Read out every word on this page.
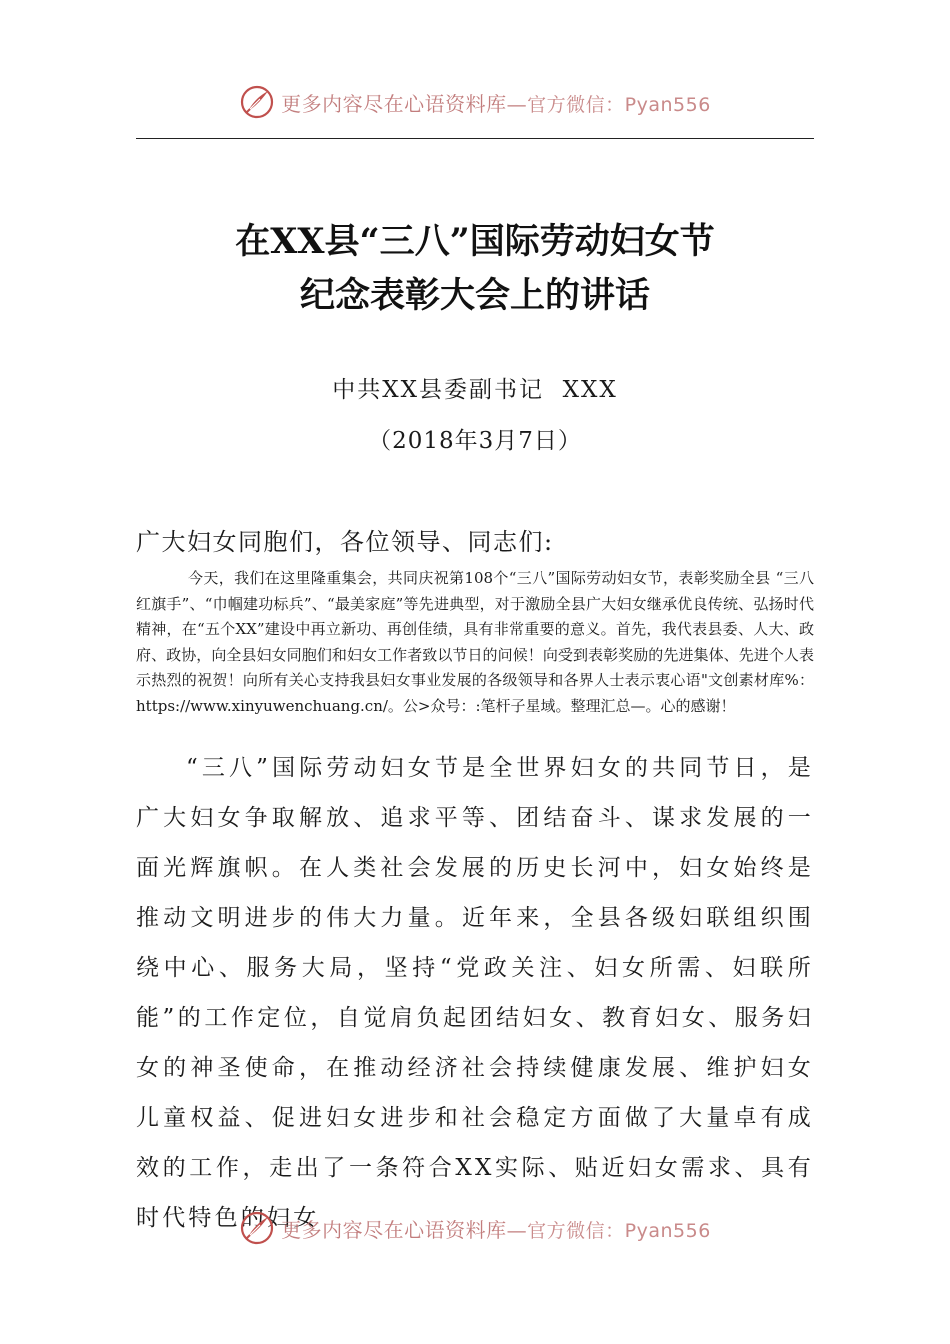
更多内容尽在心语资料库—官方微信：Pyan556
在XX县“三八”国际劳动妇女节
纪念表彰大会上的讲话
中共XX县委副书记  XXX
（2018年3月7日）
广大妇女同胞们，各位领导、同志们:

今天，我们在这里隆重集会，共同庆祝第108个“三八”国际劳动妇女节，表彰奖励全县 “三八红旗手”、“巾帼建功标兵”、“最美家庭”等先进典型，对于激励全县广大妇女继承优良传统、弘扬时代精神，在“五个XX”建设中再立新功、再创佳绩，具有非常重要的意义。首先，我代表县委、人大、政府、政协，向全县妇女同胞们和妇女工作者致以节日的问候！向受到表彰奖励的先进集体、先进个人表示热烈的祝贺！向所有关心支持我县妇女事业发展的各级领导和各界人士表示衷心语"文创素材库%：https://www.xinyuwenchuang.cn/。公>众号：:笔杆子星域。整理汇总—。心的感谢！

“三八”国际劳动妇女节是全世界妇女的共同节日，是广大妇女争取解放、追求平等、团结奋斗、谋求发展的一面光辉旗帜。在人类社会发展的历史长河中，妇女始终是推动文明进步的伟大力量。近年来，全县各级妇联组织围绕中心、服务大局，坚持“党政关注、妇女所需、妇联所能”的工作定位，自觉肩负起团结妇女、教育妇女、服务妇女的神圣使命，在推动经济社会持续健康发展、维护妇女儿童权益、促进妇女进步和社会稳定方面做了大量卓有成效的工作，走出了一条符合XX实际、贴近妇女需求、具有时代特色的妇女

更多内容尽在心语资料库—官方微信：Pyan556
